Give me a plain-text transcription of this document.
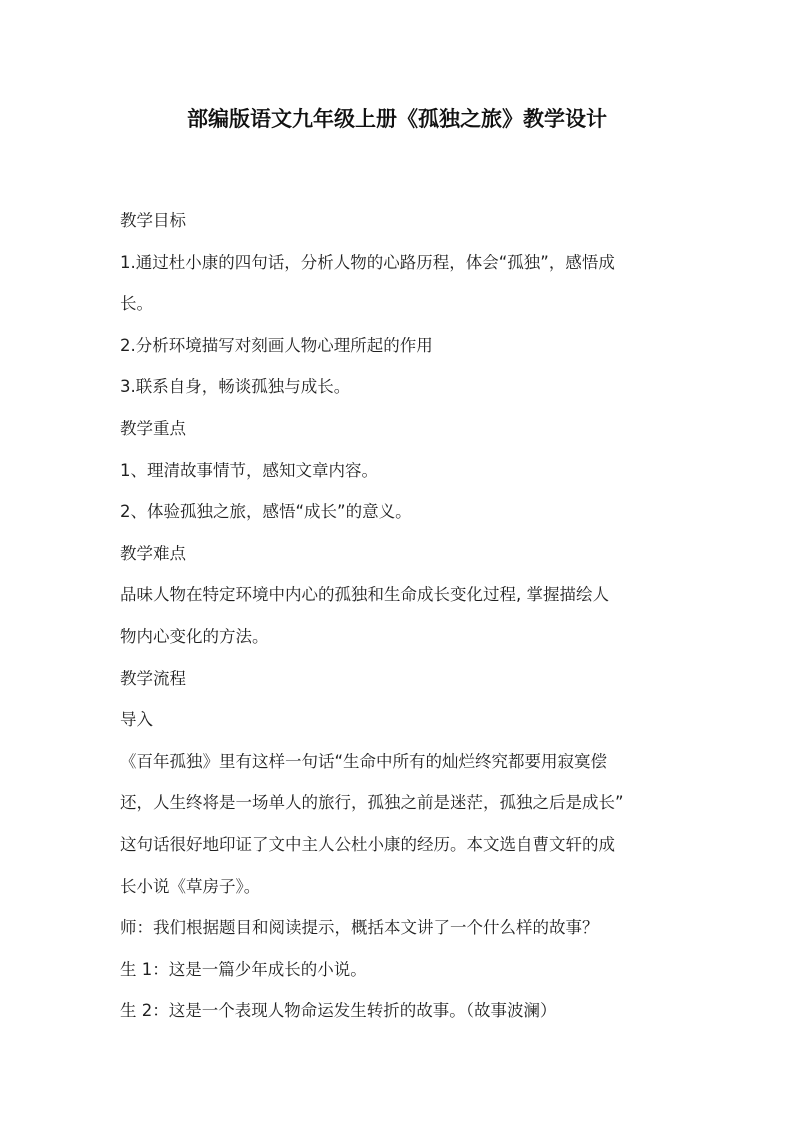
部编版语文九年级上册《孤独之旅》教学设计
教学目标
1.通过杜小康的四句话，分析人物的心路历程，体会“孤独”，感悟成
长。
2.分析环境描写对刻画人物心理所起的作用
3.联系自身，畅谈孤独与成长。
教学重点
1、理清故事情节，感知文章内容。
2、体验孤独之旅，感悟“成长”的意义。
教学难点
品味人物在特定环境中内心的孤独和生命成长变化过程, 掌握描绘人
物内心变化的方法。
教学流程
导入
《百年孤独》里有这样一句话“生命中所有的灿烂终究都要用寂寞偿
还，人生终将是一场单人的旅行，孤独之前是迷茫，孤独之后是成长”
这句话很好地印证了文中主人公杜小康的经历。本文选自曹文轩的成
长小说《草房子》。
师：我们根据题目和阅读提示，概括本文讲了一个什么样的故事？
生 1：这是一篇少年成长的小说。
生 2：这是一个表现人物命运发生转折的故事。（故事波澜）
